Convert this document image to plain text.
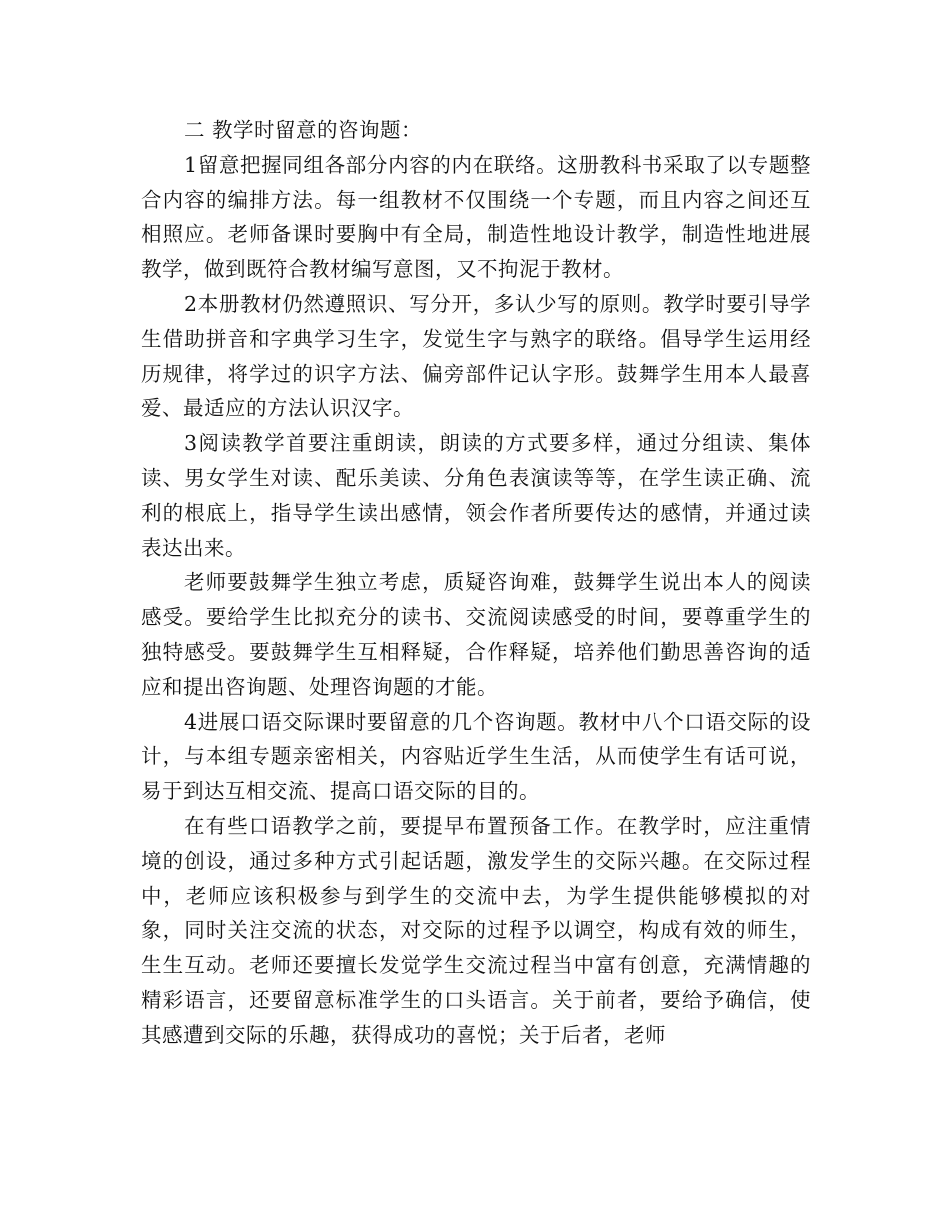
二 教学时留意的咨询题：

1留意把握同组各部分内容的内在联络。这册教科书采取了以专题整合内容的编排方法。每一组教材不仅围绕一个专题，而且内容之间还互相照应。老师备课时要胸中有全局，制造性地设计教学，制造性地进展教学，做到既符合教材编写意图，又不拘泥于教材。

2本册教材仍然遵照识、写分开，多认少写的原则。教学时要引导学生借助拼音和字典学习生字，发觉生字与熟字的联络。倡导学生运用经历规律，将学过的识字方法、偏旁部件记认字形。鼓舞学生用本人最喜爱、最适应的方法认识汉字。

3阅读教学首要注重朗读，朗读的方式要多样，通过分组读、集体读、男女学生对读、配乐美读、分角色表演读等等，在学生读正确、流利的根底上，指导学生读出感情，领会作者所要传达的感情，并通过读表达出来。

老师要鼓舞学生独立考虑，质疑咨询难，鼓舞学生说出本人的阅读感受。要给学生比拟充分的读书、交流阅读感受的时间，要尊重学生的独特感受。要鼓舞学生互相释疑，合作释疑，培养他们勤思善咨询的适应和提出咨询题、处理咨询题的才能。

4进展口语交际课时要留意的几个咨询题。教材中八个口语交际的设计，与本组专题亲密相关，内容贴近学生生活，从而使学生有话可说，易于到达互相交流、提高口语交际的目的。

在有些口语教学之前，要提早布置预备工作。在教学时，应注重情境的创设，通过多种方式引起话题，激发学生的交际兴趣。在交际过程中，老师应该积极参与到学生的交流中去，为学生提供能够模拟的对象，同时关注交流的状态，对交际的过程予以调空，构成有效的师生，生生互动。老师还要擅长发觉学生交流过程当中富有创意，充满情趣的精彩语言，还要留意标准学生的口头语言。关于前者，要给予确信，使其感遭到交际的乐趣，获得成功的喜悦；关于后者，老师
